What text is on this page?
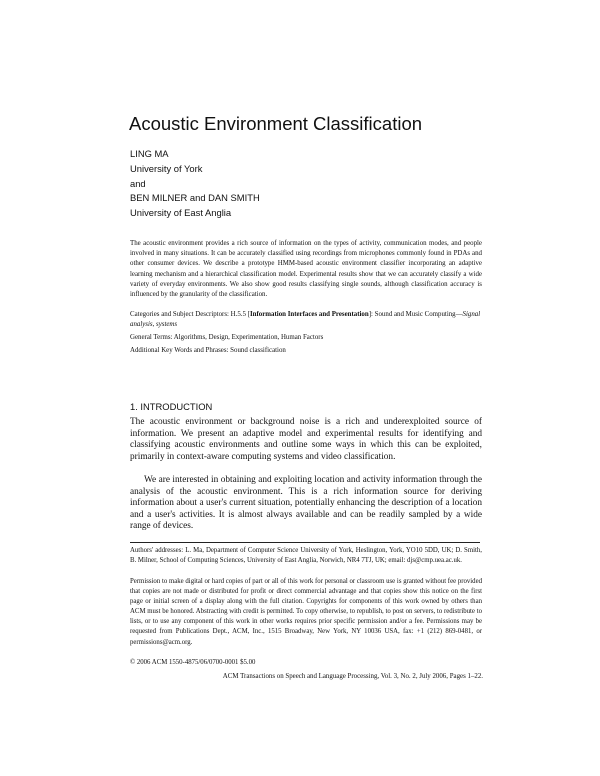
Acoustic Environment Classification
LING MA
University of York
and
BEN MILNER and DAN SMITH
University of East Anglia

The acoustic environment provides a rich source of information on the types of activity, communication modes, and people involved in many situations. It can be accurately classified using recordings from microphones commonly found in PDAs and other consumer devices. We describe a prototype HMM-based acoustic environment classifier incorporating an adaptive learning mechanism and a hierarchical classification model. Experimental results show that we can accurately classify a wide variety of everyday environments. We also show good results classifying single sounds, although classification accuracy is influenced by the granularity of the classification.

Categories and Subject Descriptors: H.5.5 [Information Interfaces and Presentation]: Sound and Music Computing—Signal analysis, systems

General Terms: Algorithms, Design, Experimentation, Human Factors

Additional Key Words and Phrases: Sound classification

1. INTRODUCTION

The acoustic environment or background noise is a rich and underexploited source of information. We present an adaptive model and experimental results for identifying and classifying acoustic environments and outline some ways in which this can be exploited, primarily in context-aware computing systems and video classification.

We are interested in obtaining and exploiting location and activity information through the analysis of the acoustic environment. This is a rich information source for deriving information about a user's current situation, potentially enhancing the description of a location and a user's activities. It is almost always available and can be readily sampled by a wide range of devices.

Authors' addresses: L. Ma, Department of Computer Science University of York, Heslington, York, YO10 5DD, UK; D. Smith, B. Milner, School of Computing Sciences, University of East Anglia, Norwich, NR4 7TJ, UK; email: djs@cmp.uea.ac.uk.

Permission to make digital or hard copies of part or all of this work for personal or classroom use is granted without fee provided that copies are not made or distributed for profit or direct commercial advantage and that copies show this notice on the first page or initial screen of a display along with the full citation. Copyrights for components of this work owned by others than ACM must be honored. Abstracting with credit is permitted. To copy otherwise, to republish, to post on servers, to redistribute to lists, or to use any component of this work in other works requires prior specific permission and/or a fee. Permissions may be requested from Publications Dept., ACM, Inc., 1515 Broadway, New York, NY 10036 USA, fax: +1 (212) 869-0481, or permissions@acm.org.

© 2006 ACM 1550-4875/06/0700-0001 $5.00

ACM Transactions on Speech and Language Processing, Vol. 3, No. 2, July 2006, Pages 1–22.
